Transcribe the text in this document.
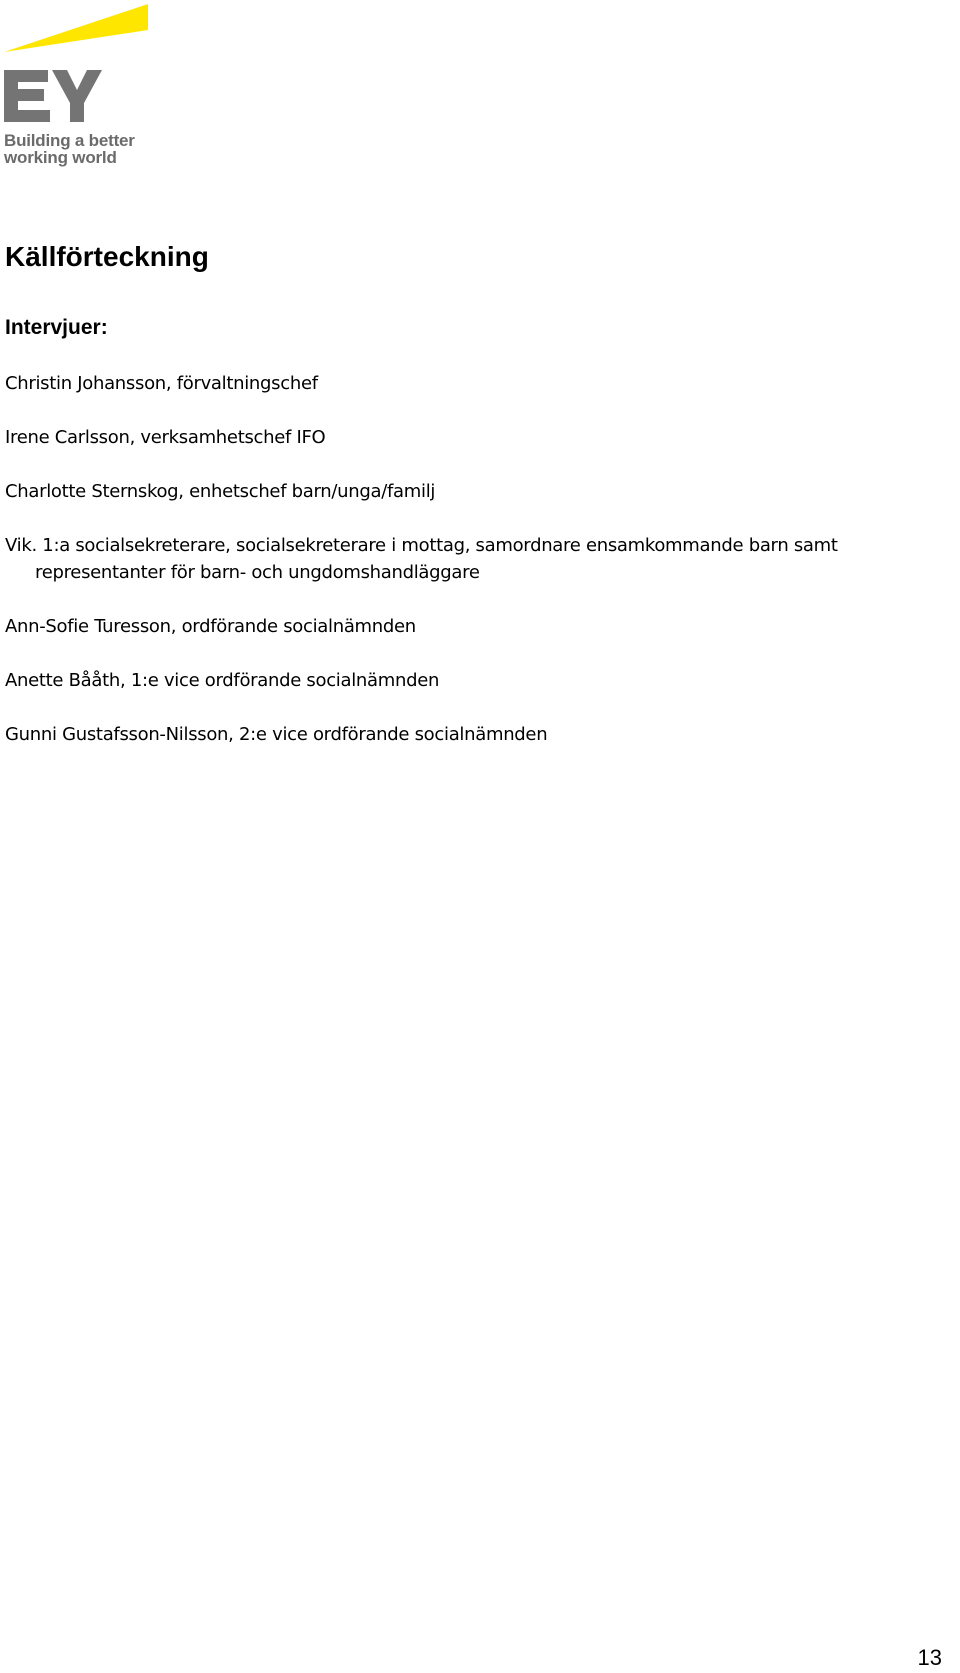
Building a better
working world
Källförteckning
Intervjuer:
Christin Johansson, förvaltningschef
Irene Carlsson, verksamhetschef IFO
Charlotte Sternskog, enhetschef barn/unga/familj
Vik. 1:a socialsekreterare, socialsekreterare i mottag, samordnare ensamkommande barn samt representanter för barn- och ungdomshandläggare
Ann-Sofie Turesson, ordförande socialnämnden
Anette Bååth, 1:e vice ordförande socialnämnden
Gunni Gustafsson-Nilsson, 2:e vice ordförande socialnämnden
13
